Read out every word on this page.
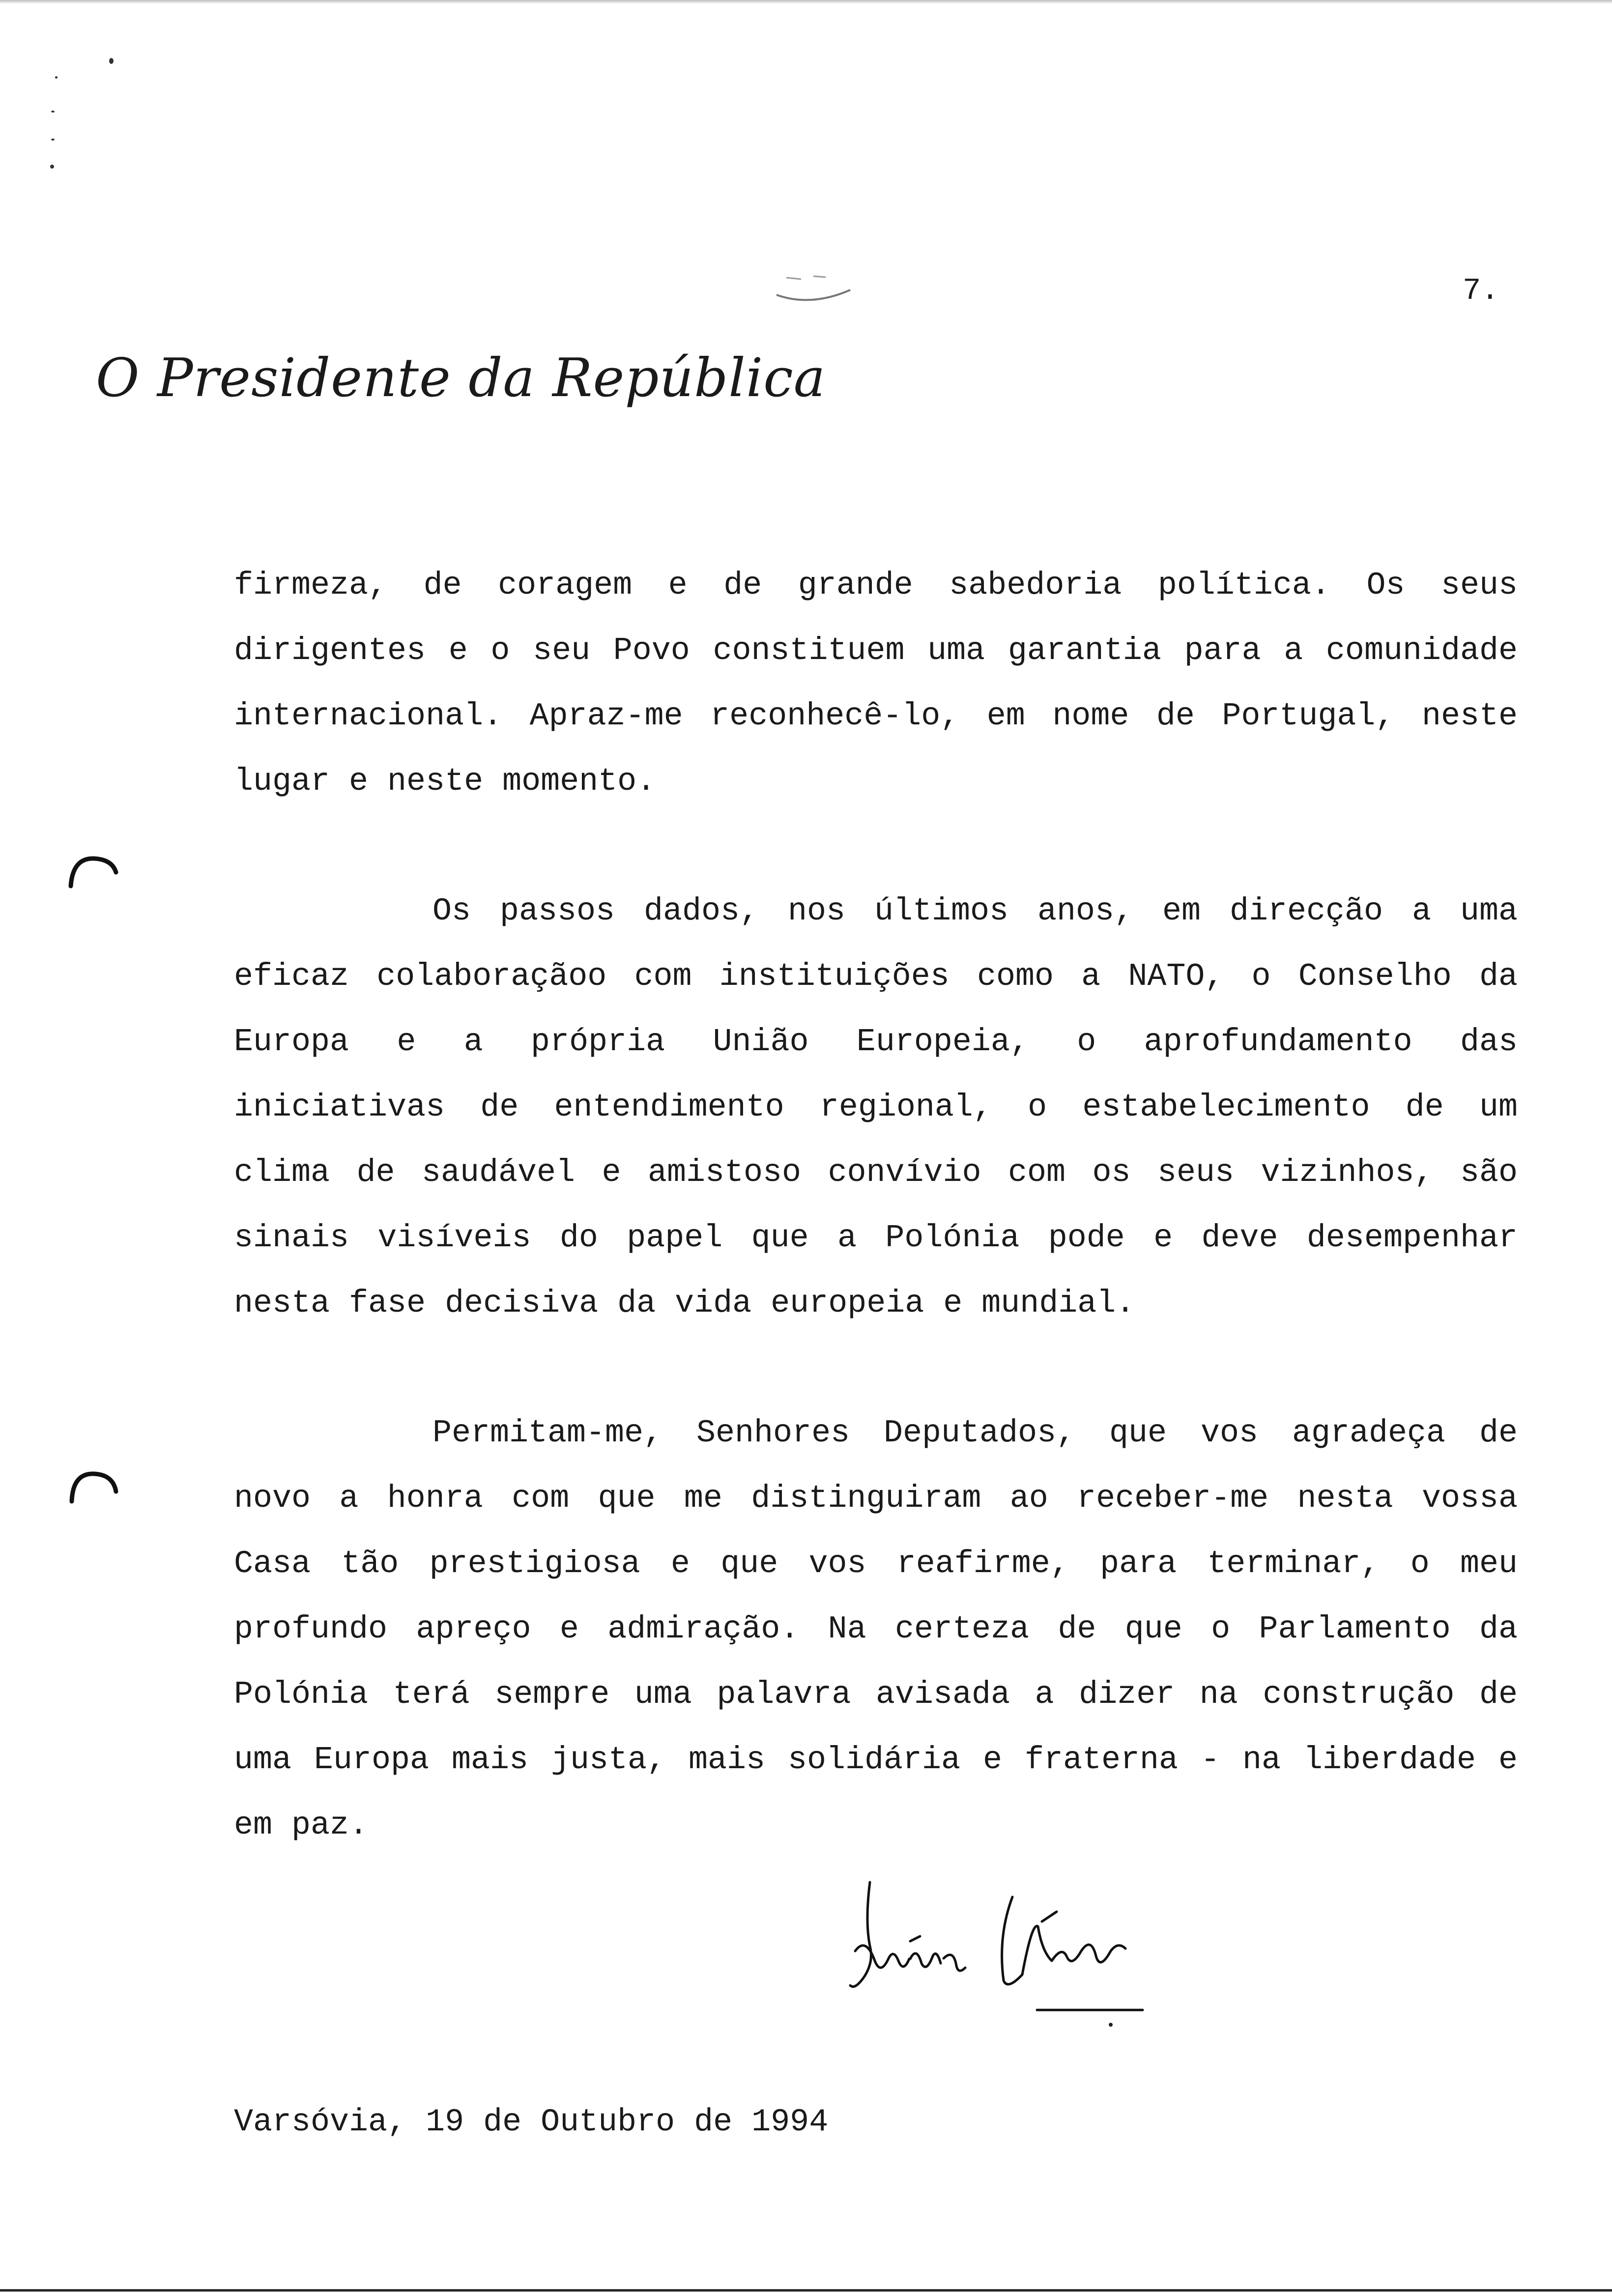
7.
O Presidente da República
firmeza, de coragem e de grande sabedoria política. Os seus dirigentes e o seu Povo constituem uma garantia para a comunidade internacional. Apraz-me reconhecê-lo, em nome de Portugal, neste lugar e neste momento.
Os passos dados, nos últimos anos, em direcção a uma eficaz colaboraçãoo com instituições como a NATO, o Conselho da Europa e a própria União Europeia, o aprofundamento das iniciativas de entendimento regional, o estabelecimento de um clima de saudável e amistoso convívio com os seus vizinhos, são sinais visíveis do papel que a Polónia pode e deve desempenhar nesta fase decisiva da vida europeia e mundial.
Permitam-me, Senhores Deputados, que vos agradeça de novo a honra com que me distinguiram ao receber-me nesta vossa Casa tão prestigiosa e que vos reafirme, para terminar, o meu profundo apreço e admiração. Na certeza de que o Parlamento da Polónia terá sempre uma palavra avisada a dizer na construção de uma Europa mais justa, mais solidária e fraterna - na liberdade e em paz.
Varsóvia, 19 de Outubro de 1994
